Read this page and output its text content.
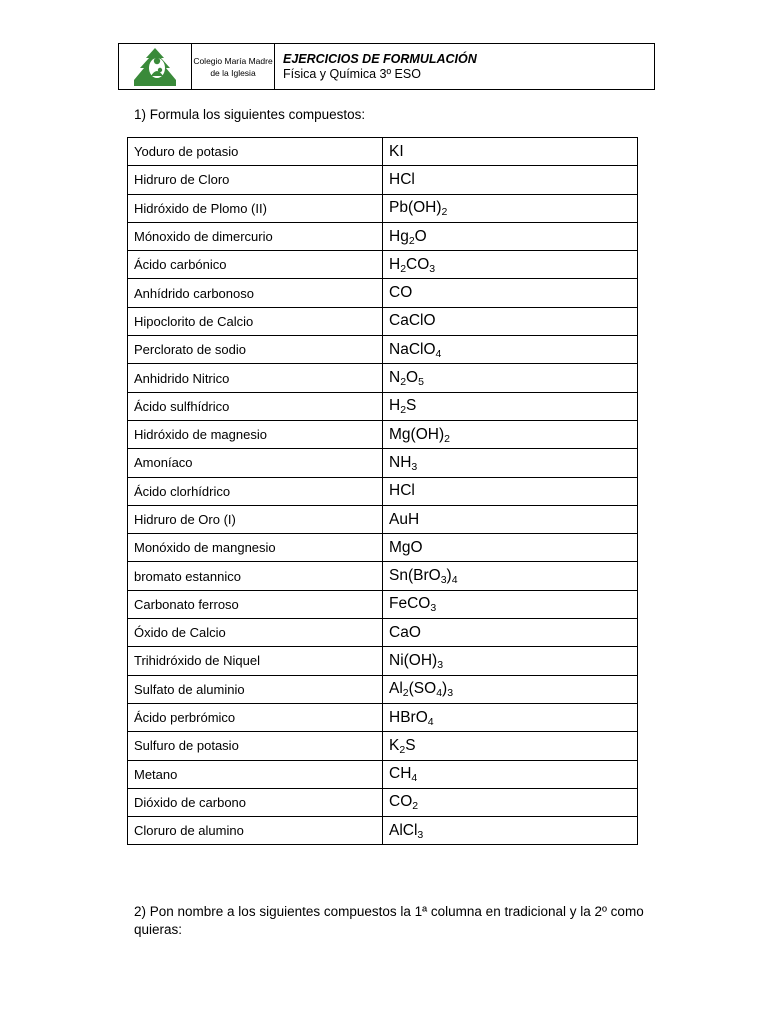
Colegio María Madre
de la Iglesia
EJERCICIOS DE FORMULACIÓN
Física y Química 3º ESO
1) Formula los siguientes compuestos:
Yoduro de potasio	KI
Hidruro de Cloro	HCl
Hidróxido de Plomo (II)	$Pb(OH)_2$
Mónoxido de dimercurio	$Hg_2O$
Ácido carbónico	$H_2CO_3$
Anhídrido carbonoso	CO
Hipoclorito de Calcio	CaClO
Perclorato de sodio	NaClO$_4$
Anhidrido Nitrico	$N_2O_5$
Ácido sulfhídrico	$H_2S$
Hidróxido de magnesio	$Mg(OH)_2$
Amoníaco	$NH_3$
Ácido clorhídrico	HCl
Hidruro de Oro (I)	AuH
Monóxido de mangnesio	MgO
bromato estannico	$Sn(BrO_3)_4$
Carbonato ferroso	FeCO$_3$
Óxido de Calcio	CaO
Trihidróxido de Niquel	$Ni(OH)_3$
Sulfato de aluminio	$Al_2(SO_4)_3$
Ácido perbrómico	HBrO$_4$
Sulfuro de potasio	$K_2S$
Metano	$CH_4$
Dióxido de carbono	$CO_2$
Cloruro de alumino	AlCl$_3$
2) Pon nombre a los siguientes compuestos la 1ª columna en tradicional y la 2º como quieras:
